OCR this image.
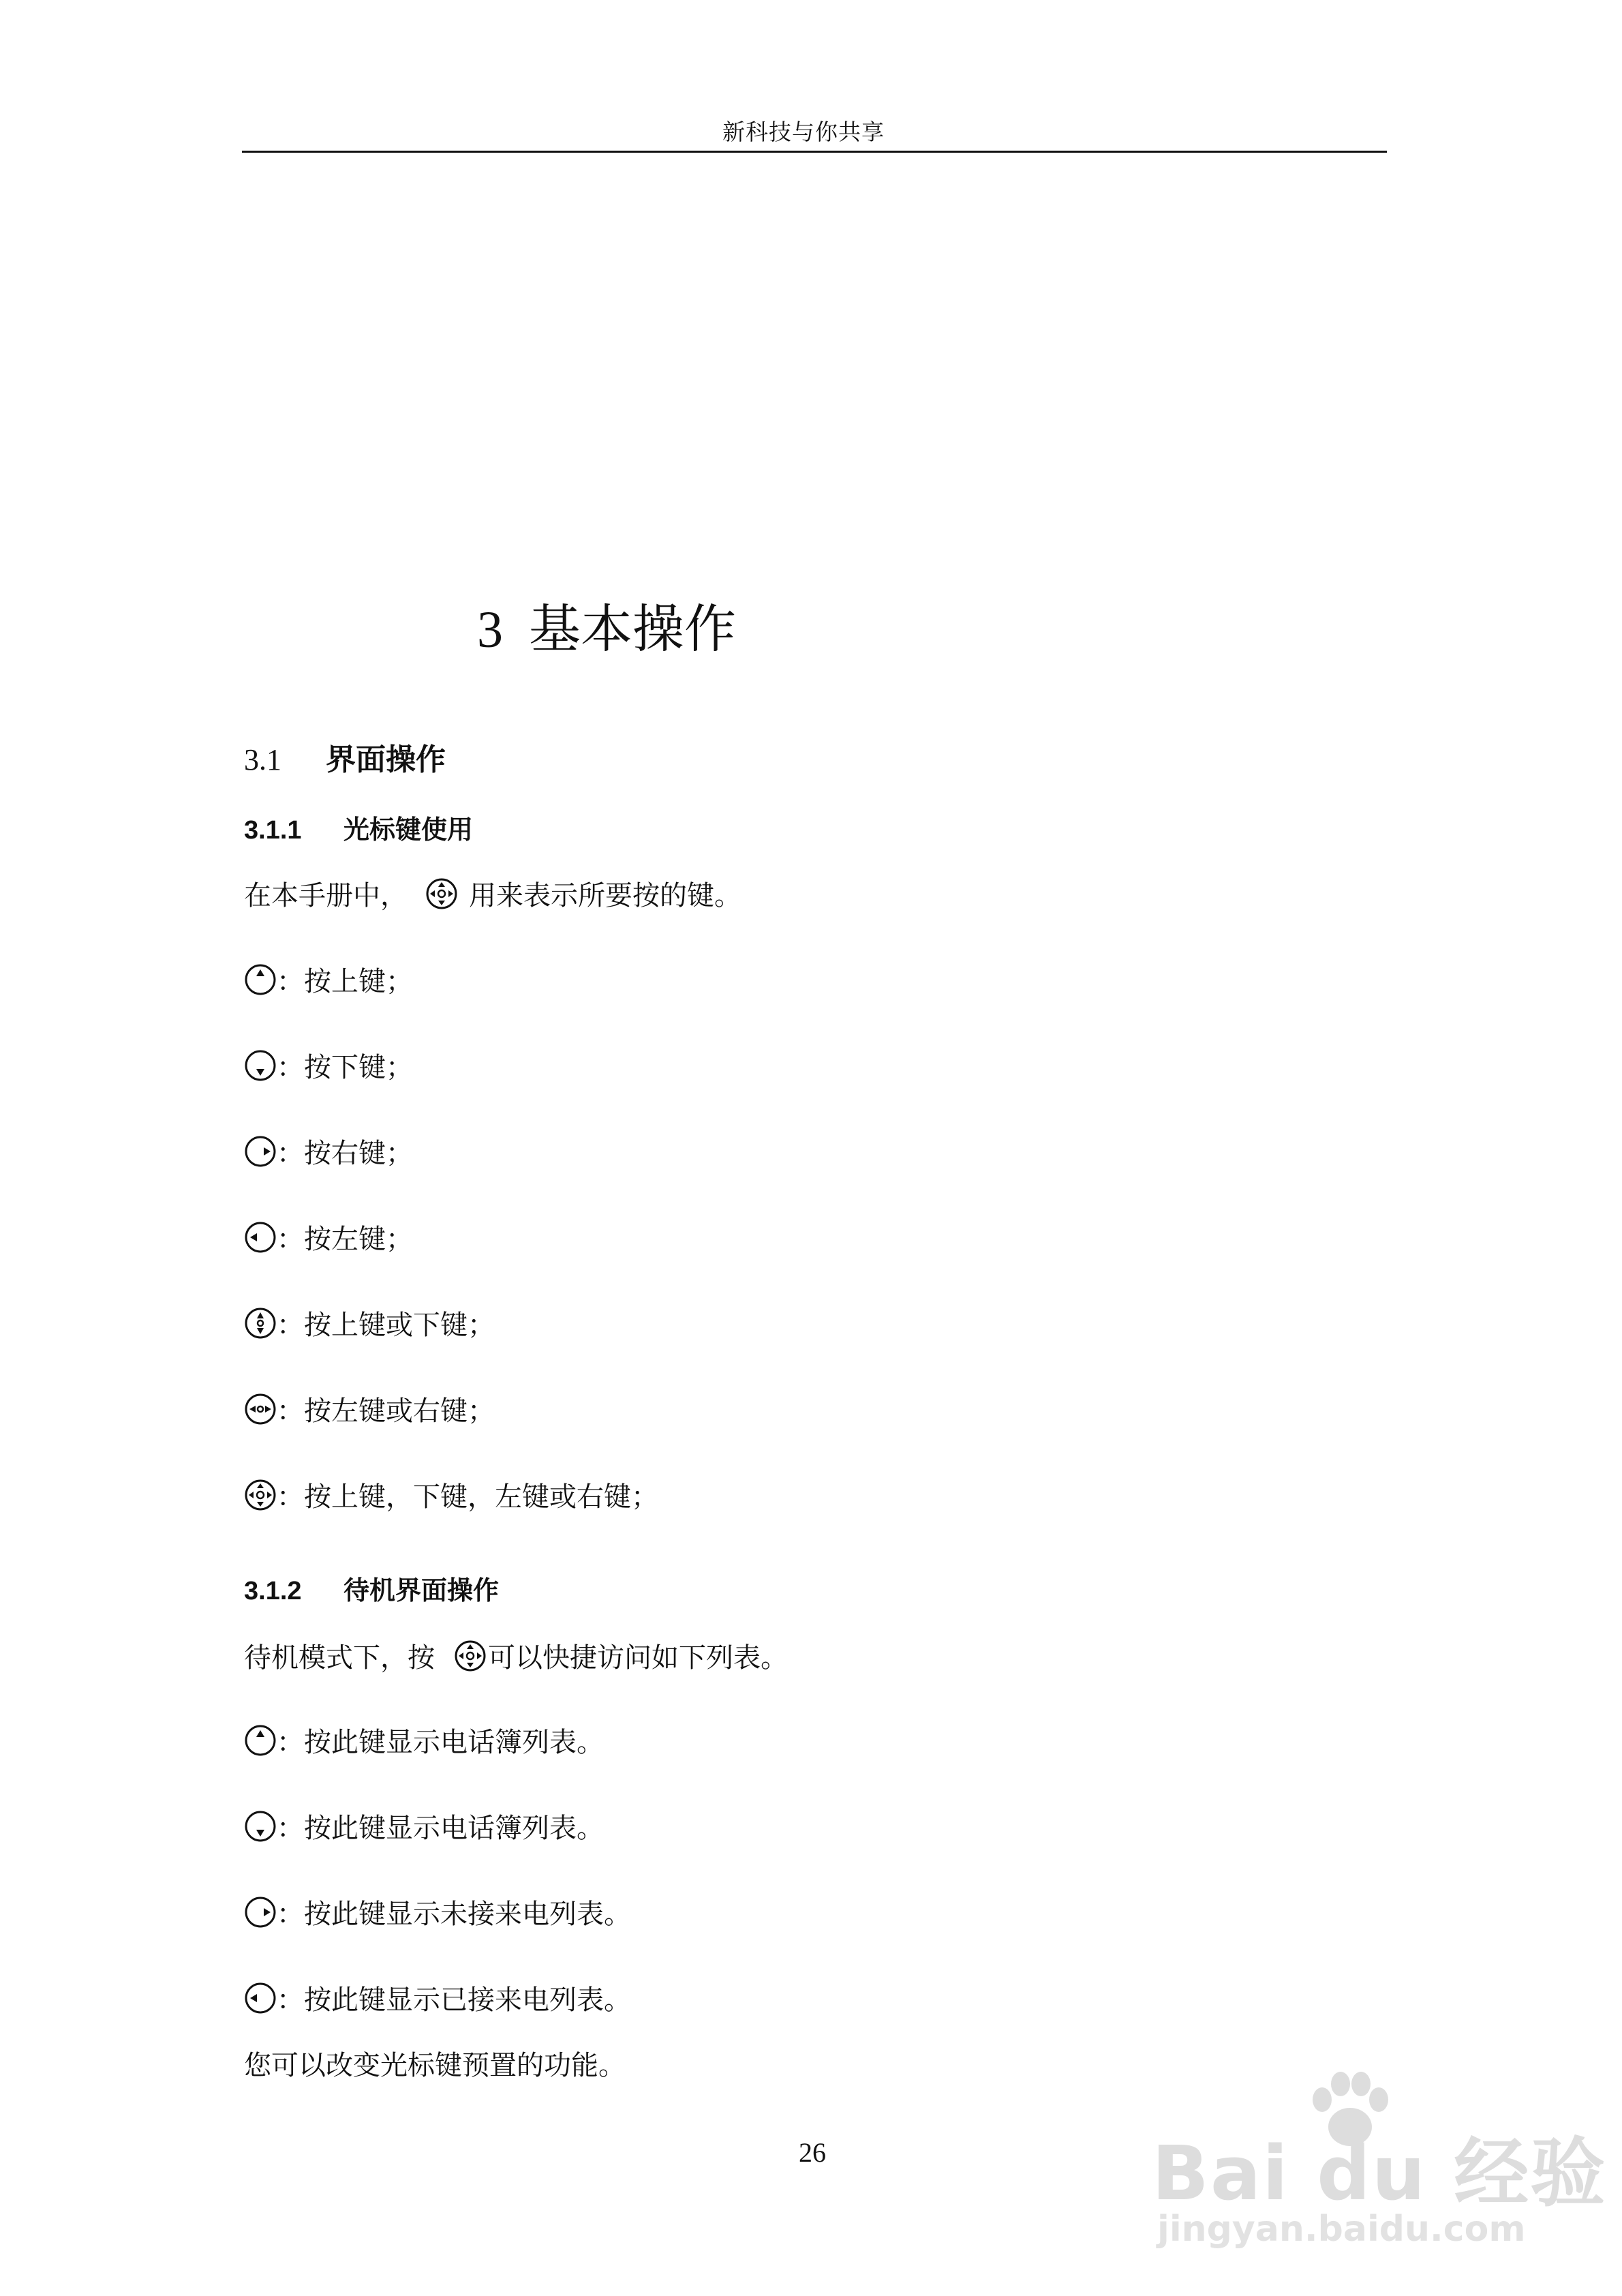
新科技与你共享
3 基本操作
3.1 界面操作
3.1.1 光标键使用
在本手册中， 用来表示所要按的键。
：按上键；
：按下键；
：按右键；
：按左键；
：按上键或下键；
：按左键或右键；
：按上键，下键，左键或右键；
3.1.2 待机界面操作
待机模式下，按 可以快捷访问如下列表。
：按此键显示电话簿列表。
：按此键显示电话簿列表。
：按此键显示未接来电列表。
：按此键显示已接来电列表。
您可以改变光标键预置的功能。
26	Bai du 经验
jingyan.baidu.com
